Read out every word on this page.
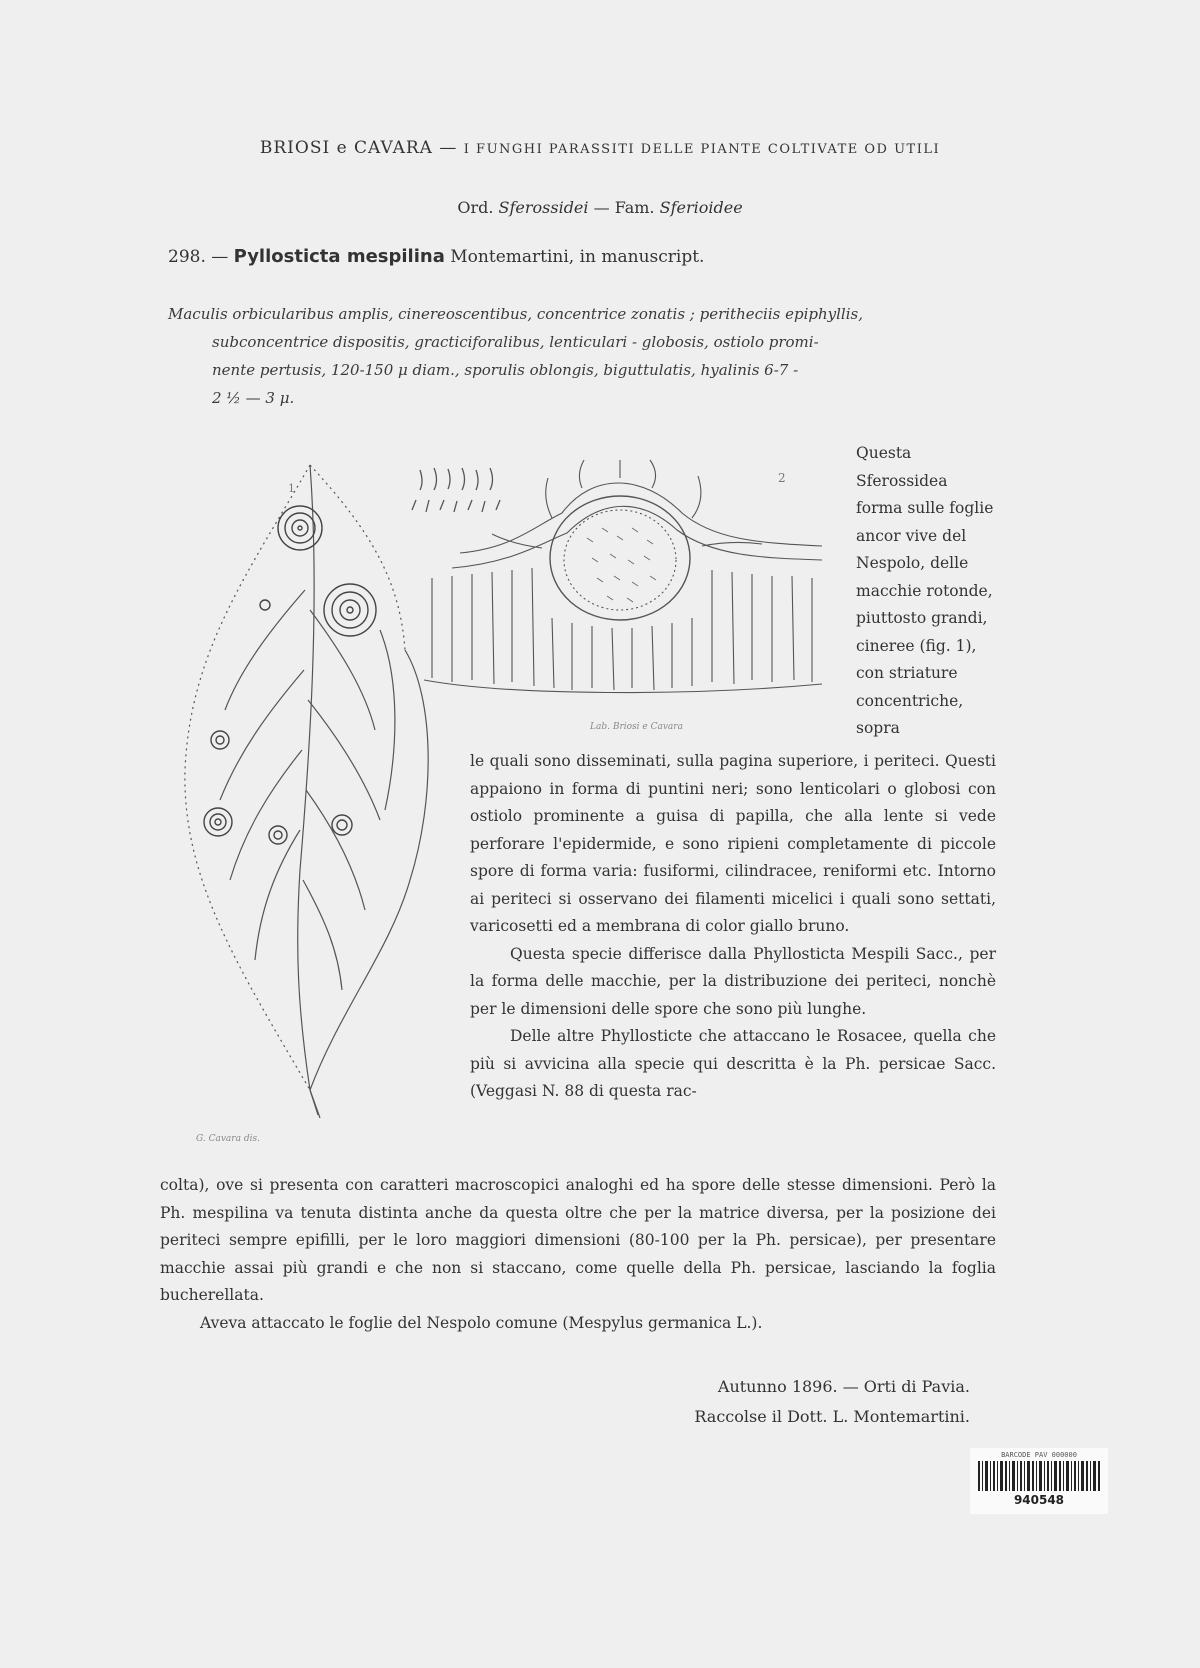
BRIOSI e CAVARA — I FUNGHI PARASSITI DELLE PIANTE COLTIVATE OD UTILI
Ord. Sferossidei — Fam. Sferioidee
298. — Pyllosticta mespilina Montemartini, in manuscript.
Maculis orbicularibus amplis, cinereoscentibus, concentrice zonatis ; peritheciis epiphyllis,
subconcentrice dispositis, gracticiforalibus, lenticulari - globosis, ostiolo promi-
nente pertusis, 120-150 μ diam., sporulis oblongis, biguttulatis, hyalinis 6-7 -
2 ½ — 3 μ.
1
G. Cavara dis.
2
Lab. Briosi e Cavara

Questa Sferossidea forma sulle foglie ancor vive del Nespolo, delle macchie rotonde, piuttosto grandi, cineree (fig. 1), con striature concentriche, sopra

le quali sono disseminati, sulla pagina superiore, i periteci. Questi appaiono in forma di puntini neri; sono lenticolari o globosi con ostiolo prominente a guisa di papilla, che alla lente si vede perforare l'epidermide, e sono ripieni completamente di piccole spore di forma varia: fusiformi, cilindracee, reniformi etc. Intorno ai periteci si osservano dei filamenti micelici i quali sono settati, varicosetti ed a membrana di color giallo bruno.

Questa specie differisce dalla Phyllosticta Mespili Sacc., per la forma delle macchie, per la distribuzione dei periteci, nonchè per le dimensioni delle spore che sono più lunghe.

Delle altre Phyllosticte che attaccano le Rosacee, quella che più si avvicina alla specie qui descritta è la Ph. persicae Sacc. (Veggasi N. 88 di questa rac-

colta), ove si presenta con caratteri macroscopici analoghi ed ha spore delle stesse dimensioni. Però la Ph. mespilina va tenuta distinta anche da questa oltre che per la matrice diversa, per la posizione dei periteci sempre epifilli, per le loro maggiori dimensioni (80-100 per la Ph. persicae), per presentare macchie assai più grandi e che non si staccano, come quelle della Ph. persicae, lasciando la foglia bucherellata.

Aveva attaccato le foglie del Nespolo comune (Mespylus germanica L.).

Autunno 1896. — Orti di Pavia.
Raccolse il Dott. L. Montemartini.
BARCODE PAV 000000
940548
